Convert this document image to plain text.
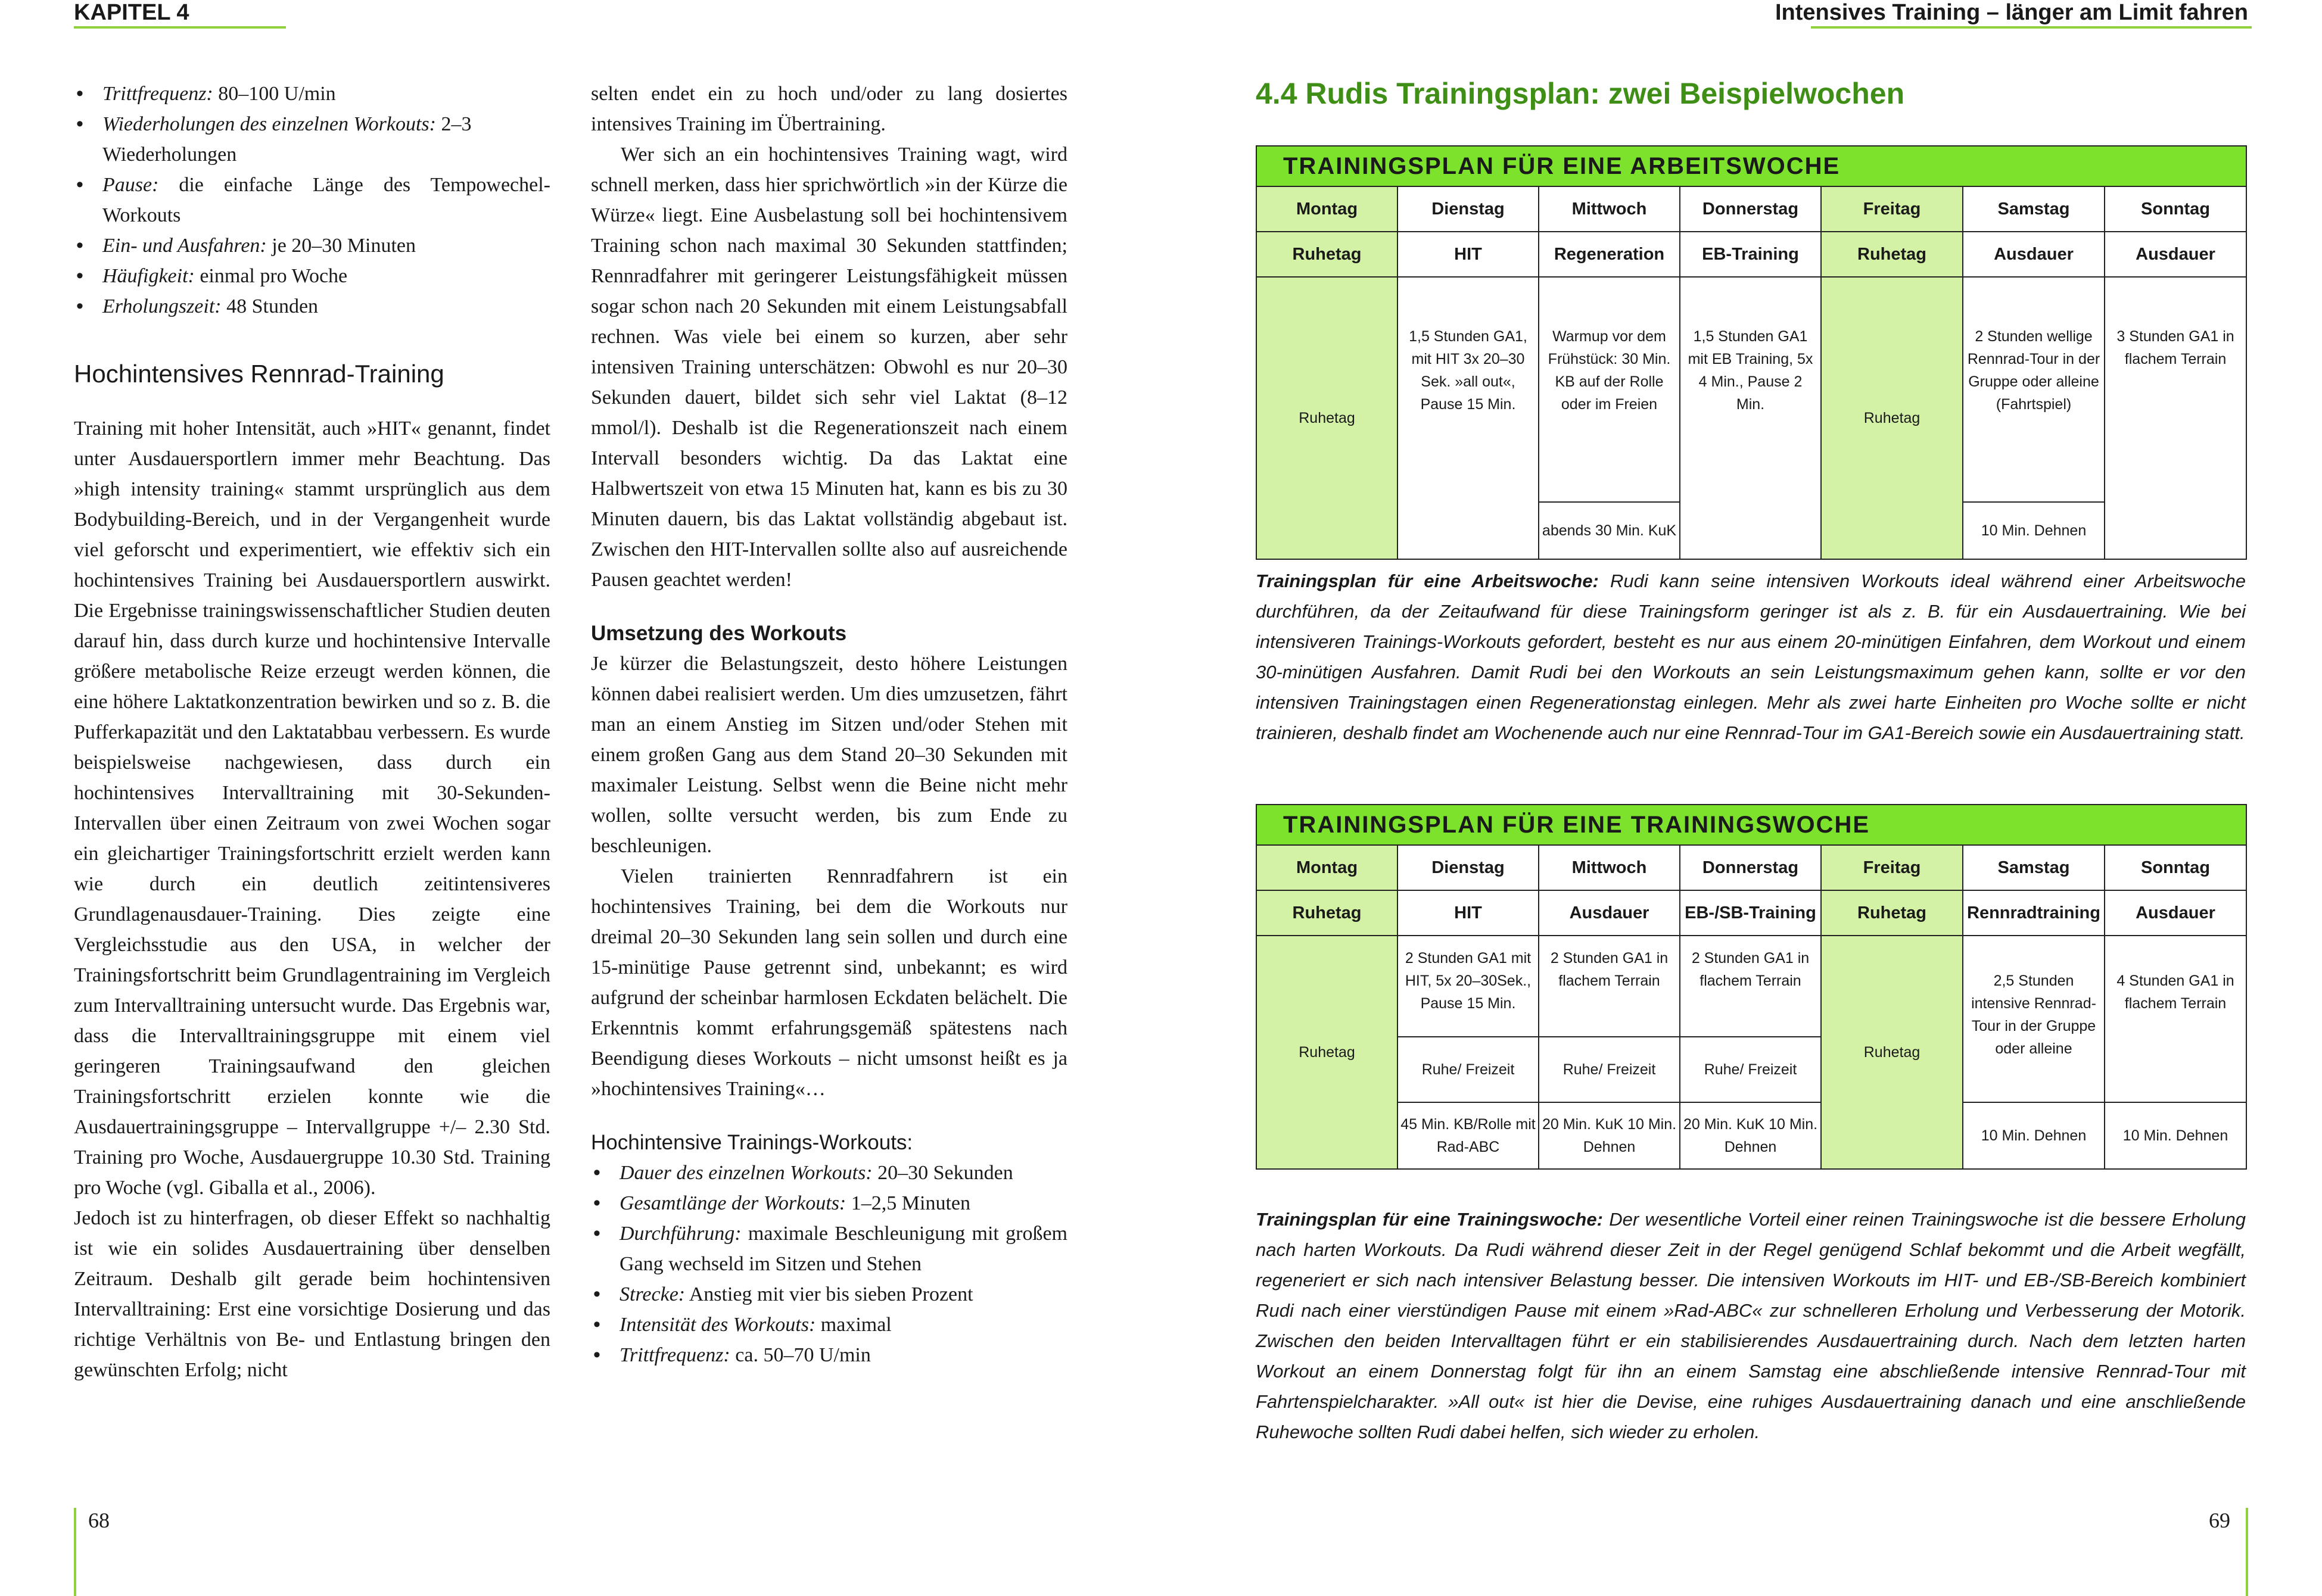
KAPITEL 4	Intensives Training – länger am Limit fahren
• Trittfrequenz: 80–100 U/min
• Wiederholungen des einzelnen Workouts: 2–3 Wiederholungen
• Pause: die einfache Länge des Tempowechel-Workouts
• Ein- und Ausfahren: je 20–30 Minuten
• Häufigkeit: einmal pro Woche
• Erholungszeit: 48 Stunden

Hochintensives Rennrad-Training

Training mit hoher Intensität, auch »HIT« genannt, findet unter Ausdauersportlern immer mehr Beachtung. Das »high intensity training« stammt ursprünglich aus dem Bodybuilding-Bereich, und in der Vergangenheit wurde viel geforscht und experimentiert, wie effektiv sich ein hochintensives Training bei Ausdauersportlern auswirkt. Die Ergebnisse trainingswissenschaftlicher Studien deuten darauf hin, dass durch kurze und hochintensive Intervalle größere metabolische Reize erzeugt werden können, die eine höhere Laktatkonzentration bewirken und so z. B. die Pufferkapazität und den Laktatabbau verbessern. Es wurde beispielsweise nachgewiesen, dass durch ein hochintensives Intervalltraining mit 30-Sekunden-Intervallen über einen Zeitraum von zwei Wochen sogar ein gleichartiger Trainingsfortschritt erzielt werden kann wie durch ein deutlich zeitintensiveres Grundlagenausdauer-Training. Dies zeigte eine Vergleichsstudie aus den USA, in welcher der Trainingsfortschritt beim Grundlagentraining im Vergleich zum Intervalltraining untersucht wurde. Das Ergebnis war, dass die Intervalltrainingsgruppe mit einem viel geringeren Trainingsaufwand den gleichen Trainingsfortschritt erzielen konnte wie die Ausdauertrainingsgruppe – Intervallgruppe +/– 2.30 Std. Training pro Woche, Ausdauergruppe 10.30 Std. Training pro Woche (vgl. Giballa et al., 2006).

Jedoch ist zu hinterfragen, ob dieser Effekt so nachhaltig ist wie ein solides Ausdauertraining über denselben Zeitraum. Deshalb gilt gerade beim hochintensiven Intervalltraining: Erst eine vorsichtige Dosierung und das richtige Verhältnis von Be- und Entlastung bringen den gewünschten Erfolg; nicht

selten endet ein zu hoch und/oder zu lang dosiertes intensives Training im Übertraining.

Wer sich an ein hochintensives Training wagt, wird schnell merken, dass hier sprichwörtlich »in der Kürze die Würze« liegt. Eine Ausbelastung soll bei hochintensivem Training schon nach maximal 30 Sekunden stattfinden; Rennradfahrer mit geringerer Leistungsfähigkeit müssen sogar schon nach 20 Sekunden mit einem Leistungsabfall rechnen. Was viele bei einem so kurzen, aber sehr intensiven Training unterschätzen: Obwohl es nur 20–30 Sekunden dauert, bildet sich sehr viel Laktat (8–12 mmol/l). Deshalb ist die Regenerationszeit nach einem Intervall besonders wichtig. Da das Laktat eine Halbwertszeit von etwa 15 Minuten hat, kann es bis zu 30 Minuten dauern, bis das Laktat vollständig abgebaut ist. Zwischen den HIT-Intervallen sollte also auf ausreichende Pausen geachtet werden!

Umsetzung des Workouts

Je kürzer die Belastungszeit, desto höhere Leistungen können dabei realisiert werden. Um dies umzusetzen, fährt man an einem Anstieg im Sitzen und/oder Stehen mit einem großen Gang aus dem Stand 20–30 Sekunden mit maximaler Leistung. Selbst wenn die Beine nicht mehr wollen, sollte versucht werden, bis zum Ende zu beschleunigen.

Vielen trainierten Rennradfahrern ist ein hochintensives Training, bei dem die Workouts nur dreimal 20–30 Sekunden lang sein sollen und durch eine 15-minütige Pause getrennt sind, unbekannt; es wird aufgrund der scheinbar harmlosen Eckdaten belächelt. Die Erkenntnis kommt erfahrungsgemäß spätestens nach Beendigung dieses Workouts – nicht umsonst heißt es ja »hochintensives Training«…

Hochintensive Trainings-Workouts:

• Dauer des einzelnen Workouts: 20–30 Sekunden
• Gesamtlänge der Workouts: 1–2,5 Minuten
• Durchführung: maximale Beschleunigung mit großem Gang wechseld im Sitzen und Stehen
• Strecke: Anstieg mit vier bis sieben Prozent
• Intensität des Workouts: maximal
• Trittfrequenz: ca. 50–70 U/min
4.4 Rudis Trainingsplan: zwei Beispielwochen
TRAININGSPLAN FÜR EINE ARBEITSWOCHE						
Montag	Dienstag	Mittwoch	Donnerstag	Freitag	Samstag	Sonntag
Ruhetag	HIT	Regeneration	EB-Training	Ruhetag	Ausdauer	Ausdauer
Ruhetag	1,5 Stunden GA1, mit HIT 3x 20–30 Sek. »all out«, Pause 15 Min.	Warmup vor dem Frühstück: 30 Min. KB auf der Rolle oder im Freien	1,5 Stunden GA1 mit EB Training, 5x 4 Min., Pause 2 Min.	Ruhetag	2 Stunden wellige Rennrad-Tour in der Gruppe oder alleine (Fahrtspiel)	3 Stunden GA1 in flachem Terrain
		abends 30 Min. KuK			10 Min. Dehnen	
Trainingsplan für eine Arbeitswoche: Rudi kann seine intensiven Workouts ideal während einer Arbeitswoche durchführen, da der Zeitaufwand für diese Trainingsform geringer ist als z. B. für ein Ausdauertraining. Wie bei intensiveren Trainings-Workouts gefordert, besteht es nur aus einem 20-minütigen Einfahren, dem Workout und einem 30-minütigen Ausfahren. Damit Rudi bei den Workouts an sein Leistungsmaximum gehen kann, sollte er vor den intensiven Trainingstagen einen Regenerationstag einlegen. Mehr als zwei harte Einheiten pro Woche sollte er nicht trainieren, deshalb findet am Wochenende auch nur eine Rennrad-Tour im GA1-Bereich sowie ein Ausdauertraining statt.
TRAININGSPLAN FÜR EINE TRAININGSWOCHE						
Montag	Dienstag	Mittwoch	Donnerstag	Freitag	Samstag	Sonntag
Ruhetag	HIT	Ausdauer	EB-/SB-Training	Ruhetag	Rennradtraining	Ausdauer
Ruhetag	2 Stunden GA1 mit HIT, 5x 20–30Sek., Pause 15 Min.	2 Stunden GA1 in flachem Terrain	2 Stunden GA1 in flachem Terrain	Ruhetag	2,5 Stunden intensive Rennrad-Tour in der Gruppe oder alleine	4 Stunden GA1 in flachem Terrain
	Ruhe/ Freizeit	Ruhe/ Freizeit	Ruhe/ Freizeit			
	45 Min. KB/Rolle mit Rad-ABC	20 Min. KuK 10 Min. Dehnen	20 Min. KuK 10 Min. Dehnen		10 Min. Dehnen	10 Min. Dehnen
Trainingsplan für eine Trainingswoche: Der wesentliche Vorteil einer reinen Trainingswoche ist die bessere Erholung nach harten Workouts. Da Rudi während dieser Zeit in der Regel genügend Schlaf bekommt und die Arbeit wegfällt, regeneriert er sich nach intensiver Belastung besser. Die intensiven Workouts im HIT- und EB-/SB-Bereich kombiniert Rudi nach einer vierstündigen Pause mit einem »Rad-ABC« zur schnelleren Erholung und Verbesserung der Motorik. Zwischen den beiden Intervalltagen führt er ein stabilisierendes Ausdauertraining durch. Nach dem letzten harten Workout an einem Donnerstag folgt für ihn an einem Samstag eine abschließende intensive Rennrad-Tour mit Fahrtenspielcharakter. »All out« ist hier die Devise, eine ruhiges Ausdauertraining danach und eine anschließende Ruhewoche sollten Rudi dabei helfen, sich wieder zu erholen.
68	69
